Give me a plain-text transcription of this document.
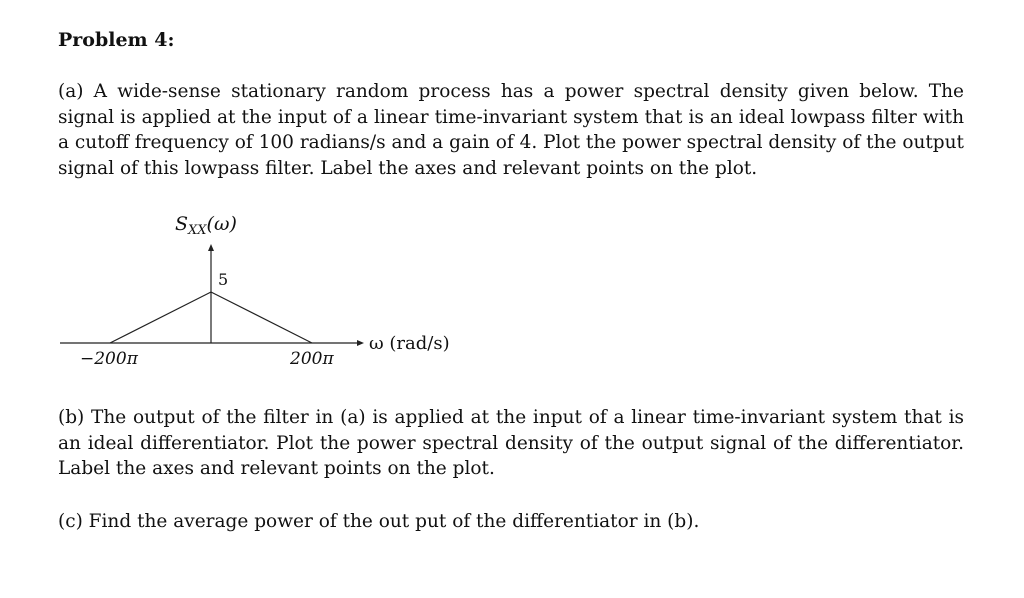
Problem 4:

(a) A wide-sense stationary random process has a power spectral density given below. The signal is applied at the input of a linear time-invariant system that is an ideal lowpass filter with a cutoff frequency of 100 radians/s and a gain of 4. Plot the power spectral density of the output signal of this lowpass filter. Label the axes and relevant points on the plot.

$S_{XX}(\omega)$
5
−200π	200π
ω (rad/s)

(b) The output of the filter in (a) is applied at the input of a linear time-invariant system that is an ideal differentiator. Plot the power spectral density of the output signal of the differentiator. Label the axes and relevant points on the plot.

(c) Find the average power of the out put of the differentiator in (b).
